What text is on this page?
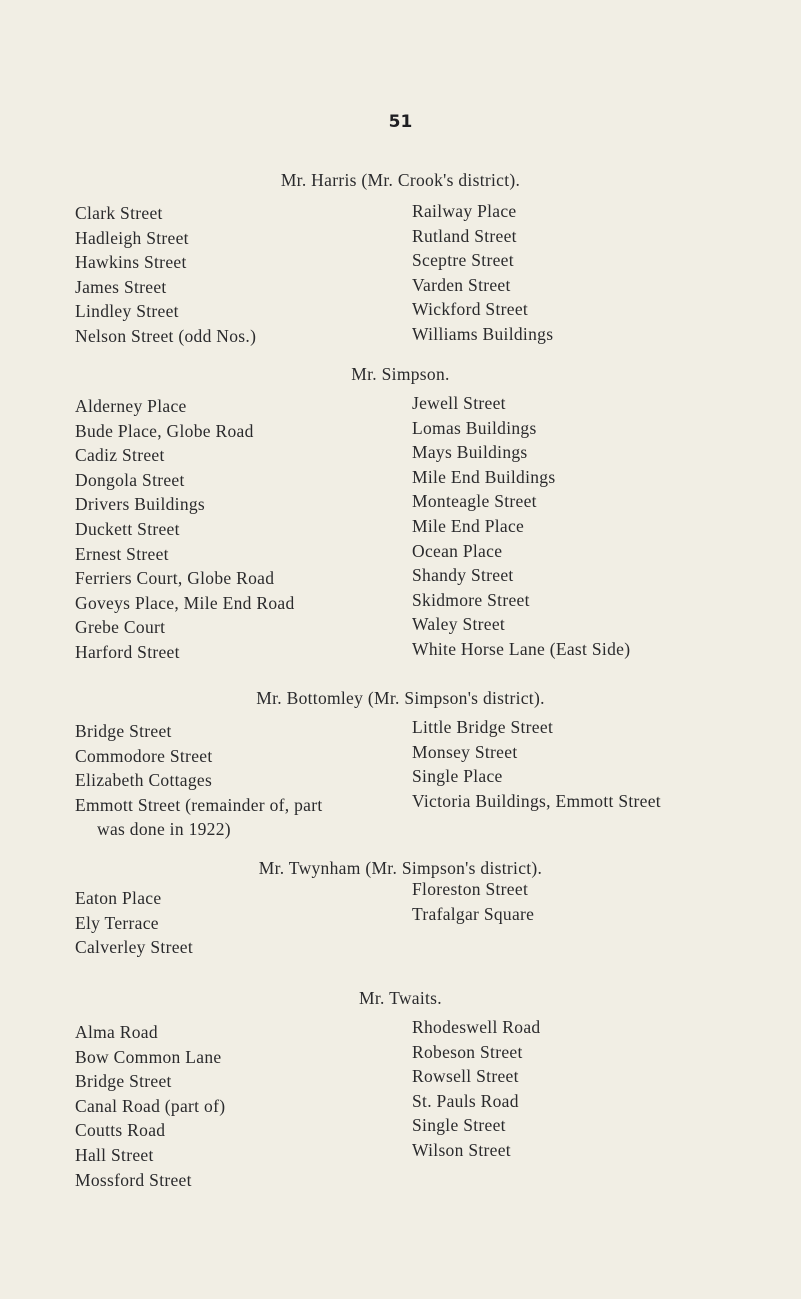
51
Mr. Harris (Mr. Crook's district).
Clark Street
Hadleigh Street
Hawkins Street
James Street
Lindley Street
Nelson Street (odd Nos.)
Railway Place
Rutland Street
Sceptre Street
Varden Street
Wickford Street
Williams Buildings
Mr. Simpson.
Alderney Place
Bude Place, Globe Road
Cadiz Street
Dongola Street
Drivers Buildings
Duckett Street
Ernest Street
Ferriers Court, Globe Road
Goveys Place, Mile End Road
Grebe Court
Harford Street
Jewell Street
Lomas Buildings
Mays Buildings
Mile End Buildings
Monteagle Street
Mile End Place
Ocean Place
Shandy Street
Skidmore Street
Waley Street
White Horse Lane (East Side)
Mr. Bottomley (Mr. Simpson's district).
Bridge Street
Commodore Street
Elizabeth Cottages
Emmott Street (remainder of, part
was done in 1922)
Little Bridge Street
Monsey Street
Single Place
Victoria Buildings, Emmott Street
Mr. Twynham (Mr. Simpson's district).
Eaton Place
Ely Terrace
Calverley Street
Floreston Street
Trafalgar Square
Mr. Twaits.
Alma Road
Bow Common Lane
Bridge Street
Canal Road (part of)
Coutts Road
Hall Street
Mossford Street
Rhodeswell Road
Robeson Street
Rowsell Street
St. Pauls Road
Single Street
Wilson Street
